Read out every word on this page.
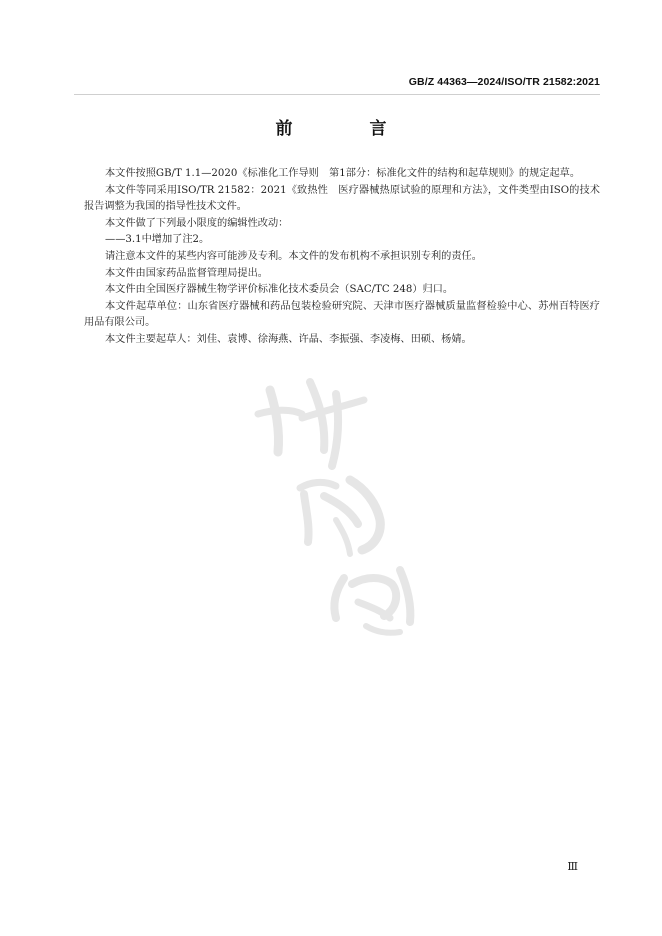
GB/Z 44363—2024/ISO/TR 21582:2021
前　言

本文件按照GB/T 1.1—2020《标准化工作导则　第1部分：标准化文件的结构和起草规则》的规定起草。

本文件等同采用ISO/TR 21582：2021《致热性　医疗器械热原试验的原理和方法》，文件类型由ISO的技术报告调整为我国的指导性技术文件。

本文件做了下列最小限度的编辑性改动：

——3.1中增加了注2。

请注意本文件的某些内容可能涉及专利。本文件的发布机构不承担识别专利的责任。

本文件由国家药品监督管理局提出。

本文件由全国医疗器械生物学评价标准化技术委员会（SAC/TC 248）归口。

本文件起草单位：山东省医疗器械和药品包装检验研究院、天津市医疗器械质量监督检验中心、苏州百特医疗用品有限公司。

本文件主要起草人：刘佳、袁博、徐海燕、许晶、李振强、李凌梅、田硕、杨婧。

Ⅲ
